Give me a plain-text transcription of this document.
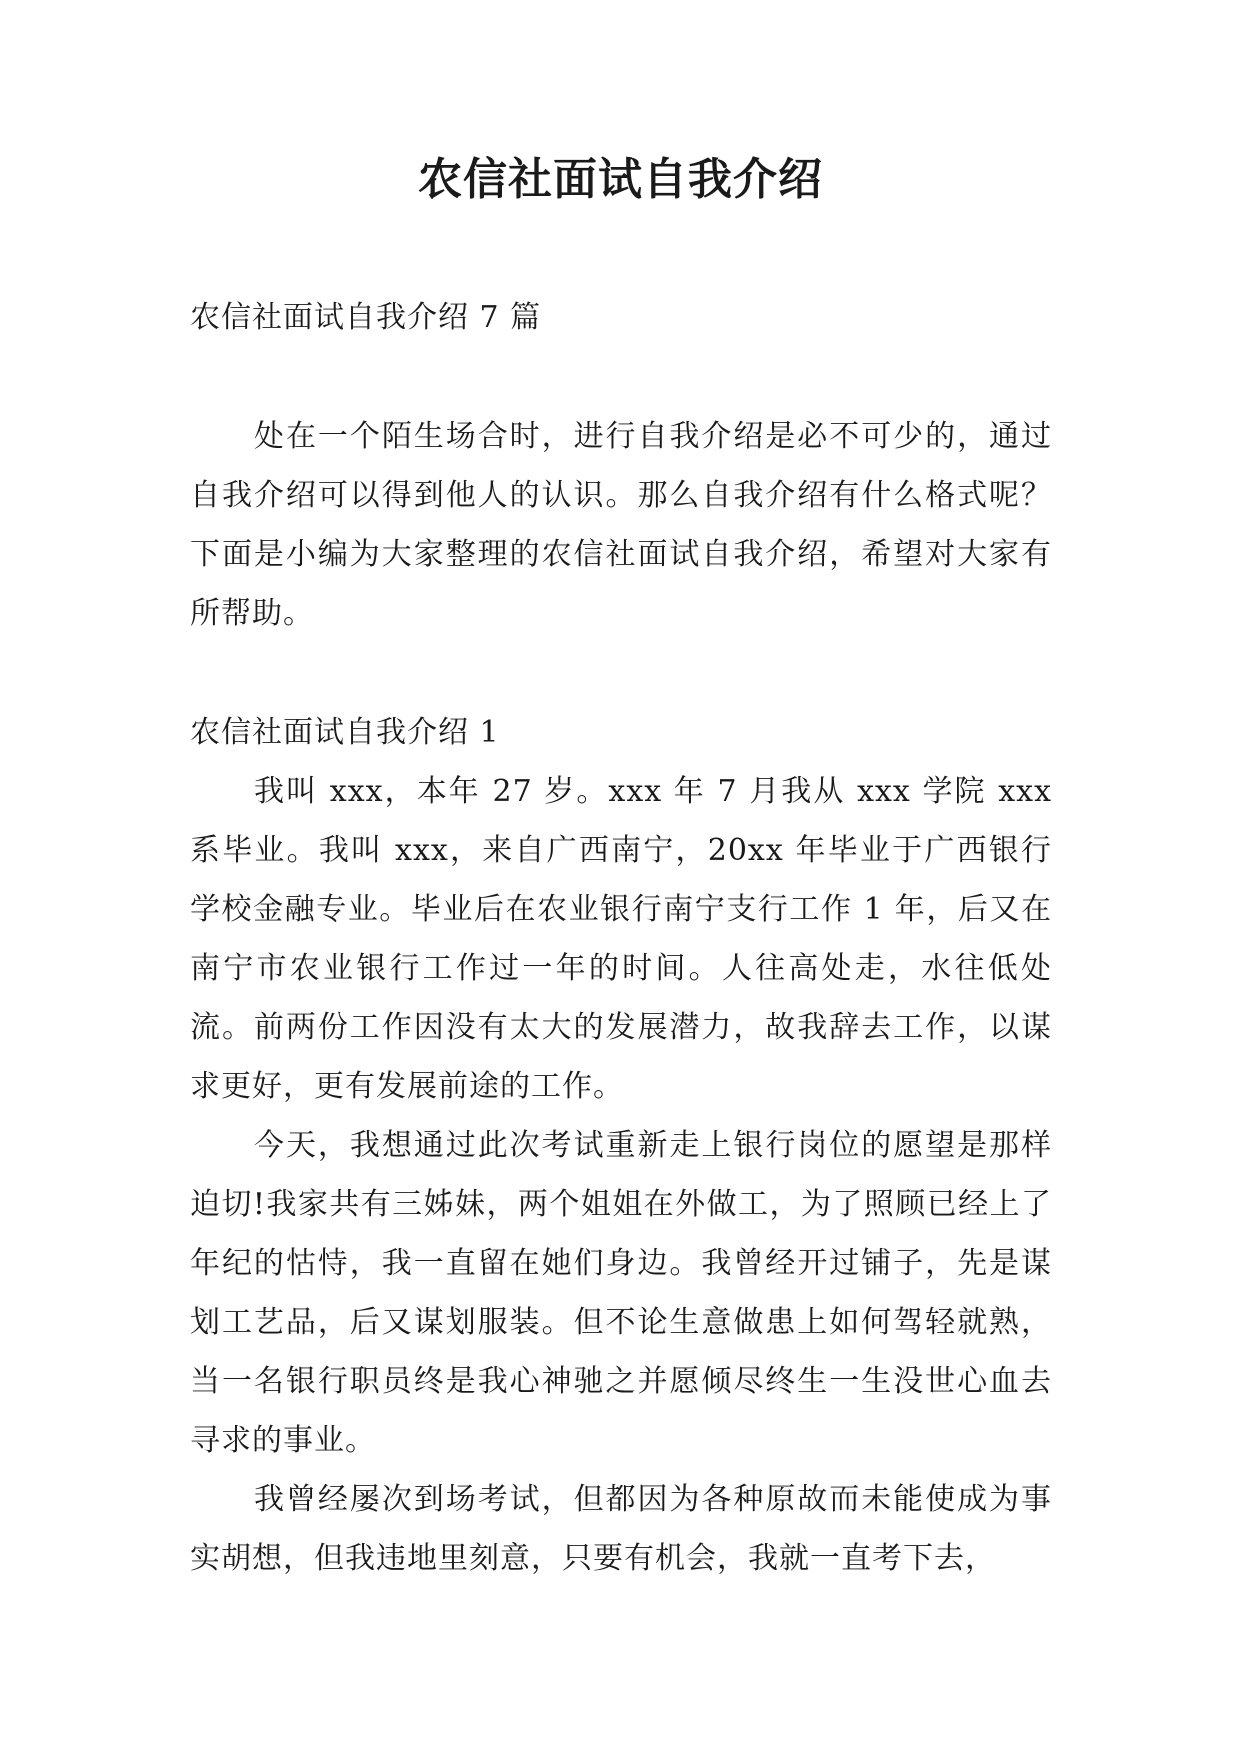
农信社面试自我介绍

农信社面试自我介绍 7 篇

处在一个陌生场合时，进行自我介绍是必不可少的，通过自我介绍可以得到他人的认识。那么自我介绍有什么格式呢？下面是小编为大家整理的农信社面试自我介绍，希望对大家有所帮助。

农信社面试自我介绍 1

我叫 xxx，本年 27 岁。xxx 年 7 月我从 xxx 学院 xxx 系毕业。我叫 xxx，来自广西南宁，20xx 年毕业于广西银行学校金融专业。毕业后在农业银行南宁支行工作 1 年，后又在南宁市农业银行工作过一年的时间。人往高处走，水往低处流。前两份工作因没有太大的发展潜力，故我辞去工作，以谋求更好，更有发展前途的工作。

今天，我想通过此次考试重新走上银行岗位的愿望是那样迫切!我家共有三姊妹，两个姐姐在外做工，为了照顾已经上了年纪的怙恃，我一直留在她们身边。我曾经开过铺子，先是谋划工艺品，后又谋划服装。但不论生意做患上如何驾轻就熟，当一名银行职员终是我心神驰之并愿倾尽终生一生没世心血去寻求的事业。

我曾经屡次到场考试，但都因为各种原故而未能使成为事实胡想，但我违地里刻意，只要有机会，我就一直考下去，
